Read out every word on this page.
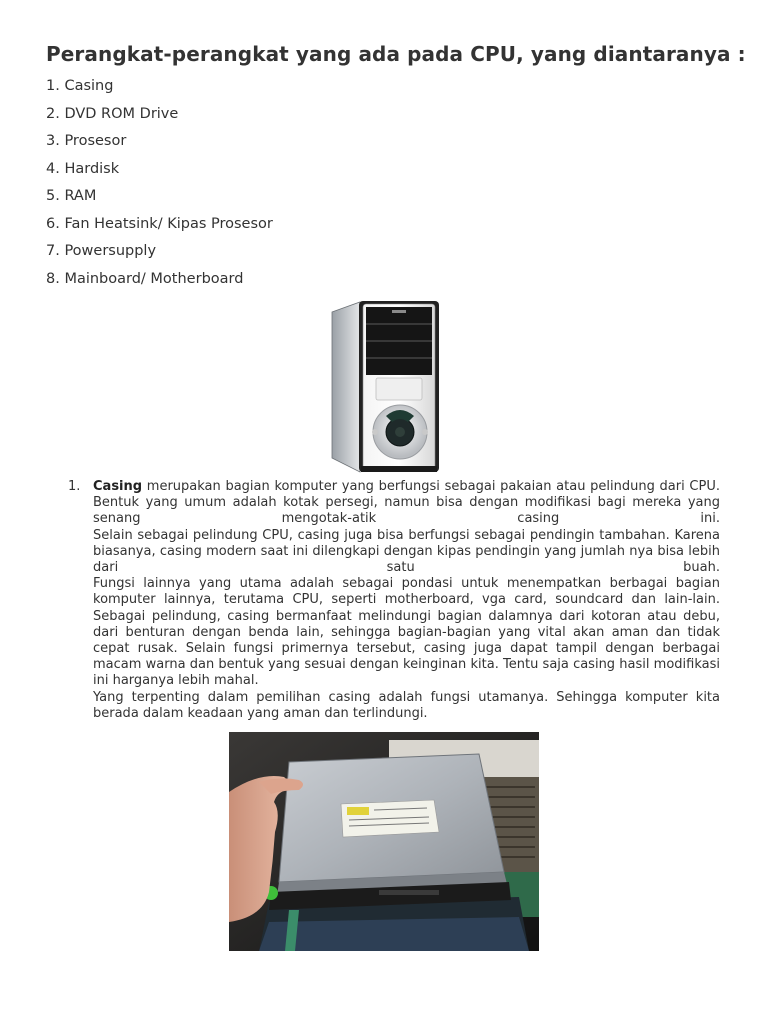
Perangkat-perangkat yang ada pada CPU, yang diantaranya :
1. Casing
2. DVD ROM Drive
3. Prosesor
4. Hardisk
5. RAM
6. Fan Heatsink/ Kipas Prosesor
7. Powersupply
8. Mainboard/ Motherboard
1. Casing merupakan bagian komputer yang berfungsi sebagai pakaian atau pelindung dari CPU. Bentuk yang umum adalah kotak persegi, namun bisa dengan modifikasi bagi mereka yang senang mengotak-atik casing ini.

Selain sebagai pelindung CPU, casing juga bisa berfungsi sebagai pendingin tambahan. Karena biasanya, casing modern saat ini dilengkapi dengan kipas pendingin yang jumlah nya bisa lebih dari satu buah.

Fungsi lainnya yang utama adalah sebagai pondasi untuk menempatkan berbagai bagian komputer lainnya, terutama CPU, seperti motherboard, vga card, soundcard dan lain-lain. Sebagai pelindung, casing bermanfaat melindungi bagian dalamnya dari kotoran atau debu, dari benturan dengan benda lain, sehingga bagian-bagian yang vital akan aman dan tidak cepat rusak. Selain fungsi primernya tersebut, casing juga dapat tampil dengan berbagai macam warna dan bentuk yang sesuai dengan keinginan kita. Tentu saja casing hasil modifikasi ini harganya lebih mahal.

Yang terpenting dalam pemilihan casing adalah fungsi utamanya. Sehingga komputer kita berada dalam keadaan yang aman dan terlindungi.
